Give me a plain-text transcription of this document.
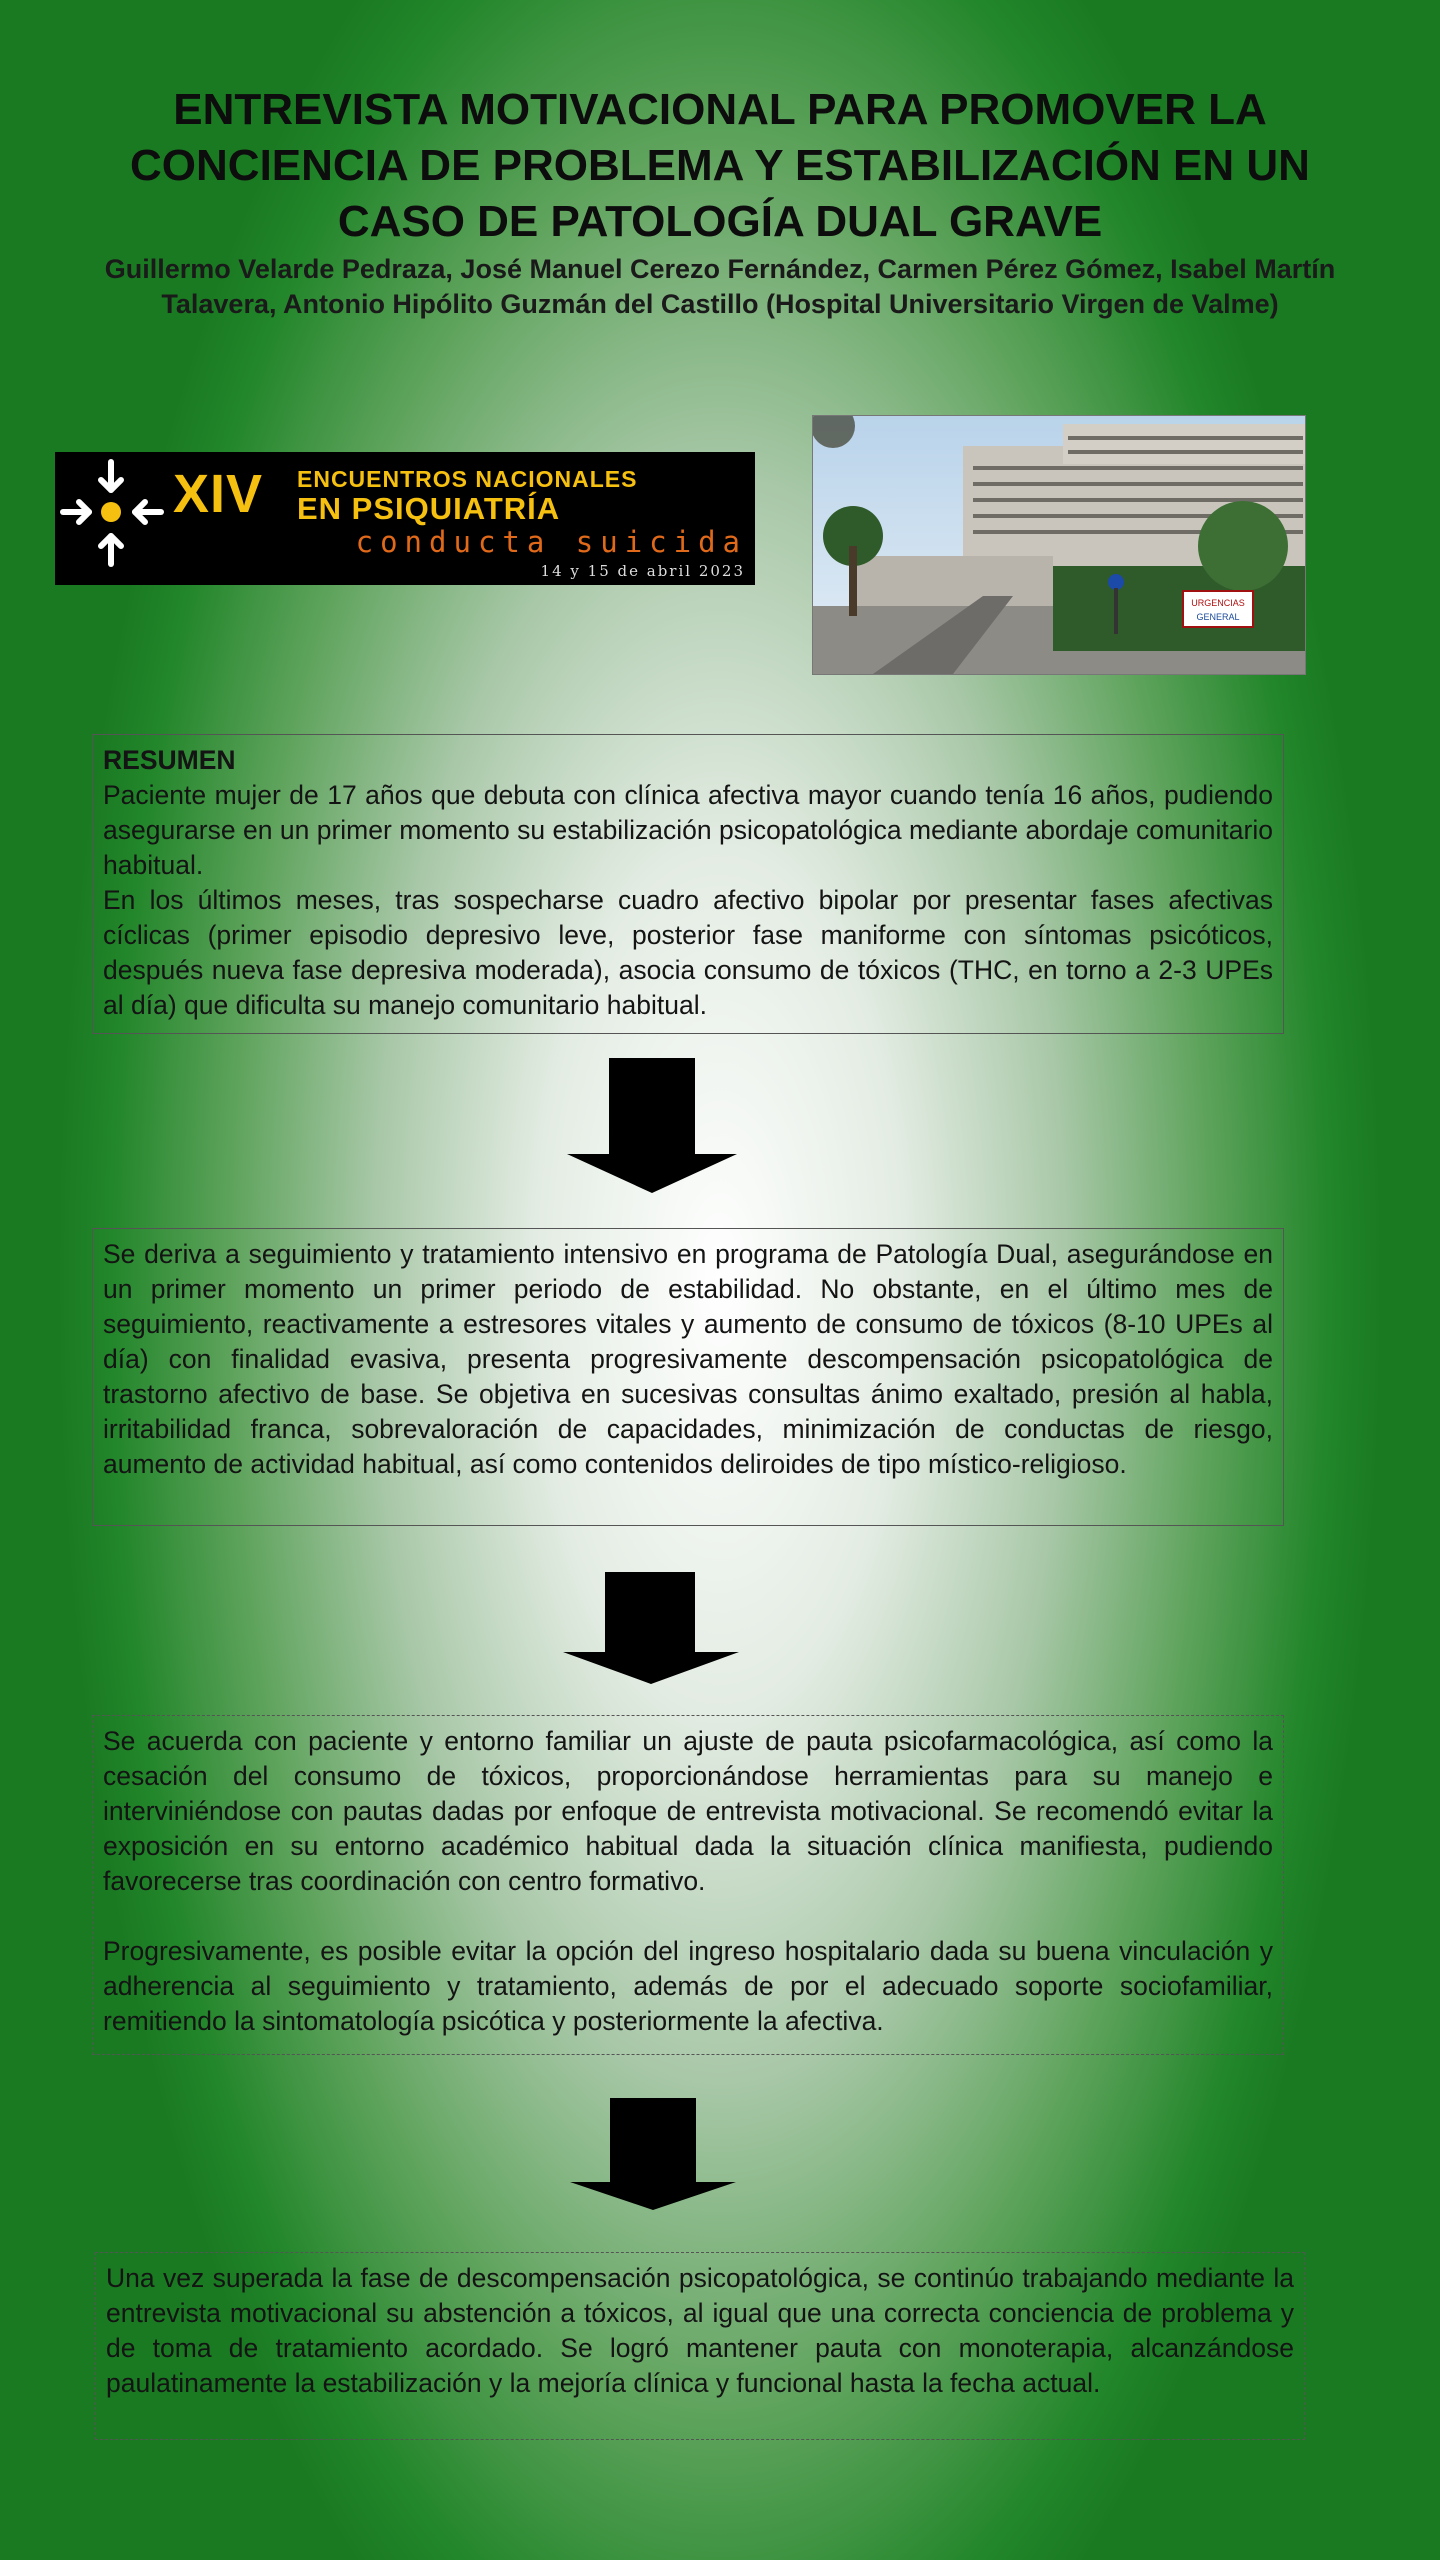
ENTREVISTA MOTIVACIONAL PARA PROMOVER LA CONCIENCIA DE PROBLEMA Y ESTABILIZACIÓN EN UN CASO DE PATOLOGÍA DUAL GRAVE
Guillermo Velarde Pedraza, José Manuel Cerezo Fernández, Carmen Pérez Gómez, Isabel Martín Talavera, Antonio Hipólito Guzmán del Castillo (Hospital Universitario Virgen de Valme)
XIV ENCUENTROS NACIONALES
EN PSIQUIATRÍA
conducta suicida
14 y 15 de abril 2023
URGENCIAS
GENERAL

RESUMEN

Paciente mujer de 17 años que debuta con clínica afectiva mayor cuando tenía 16 años, pudiendo asegurarse en un primer momento su estabilización psicopatológica mediante abordaje comunitario habitual.

En los últimos meses, tras sospecharse cuadro afectivo bipolar por presentar fases afectivas cíclicas (primer episodio depresivo leve, posterior fase maniforme con síntomas psicóticos, después nueva fase depresiva moderada), asocia consumo de tóxicos (THC, en torno a 2-3 UPEs al día) que dificulta su manejo comunitario habitual.

Se deriva a seguimiento y tratamiento intensivo en programa de Patología Dual, asegurándose en un primer momento un primer periodo de estabilidad. No obstante, en el último mes de seguimiento, reactivamente a estresores vitales y aumento de consumo de tóxicos (8-10 UPEs al día) con finalidad evasiva, presenta progresivamente descompensación psicopatológica de trastorno afectivo de base. Se objetiva en sucesivas consultas ánimo exaltado, presión al habla, irritabilidad franca, sobrevaloración de capacidades, minimización de conductas de riesgo, aumento de actividad habitual, así como contenidos deliroides de tipo místico-religioso.

Se acuerda con paciente y entorno familiar un ajuste de pauta psicofarmacológica, así como la cesación del consumo de tóxicos, proporcionándose herramientas para su manejo e interviniéndose con pautas dadas por enfoque de entrevista motivacional. Se recomendó evitar la exposición en su entorno académico habitual dada la situación clínica manifiesta, pudiendo favorecerse tras coordinación con centro formativo.

Progresivamente, es posible evitar la opción del ingreso hospitalario dada su buena vinculación y adherencia al seguimiento y tratamiento, además de por el adecuado soporte sociofamiliar, remitiendo la sintomatología psicótica y posteriormente la afectiva.

Una vez superada la fase de descompensación psicopatológica, se continúo trabajando mediante la entrevista motivacional su abstención a tóxicos, al igual que una correcta conciencia de problema y de toma de tratamiento acordado. Se logró mantener pauta con monoterapia, alcanzándose paulatinamente la estabilización y la mejoría clínica y funcional hasta la fecha actual.
